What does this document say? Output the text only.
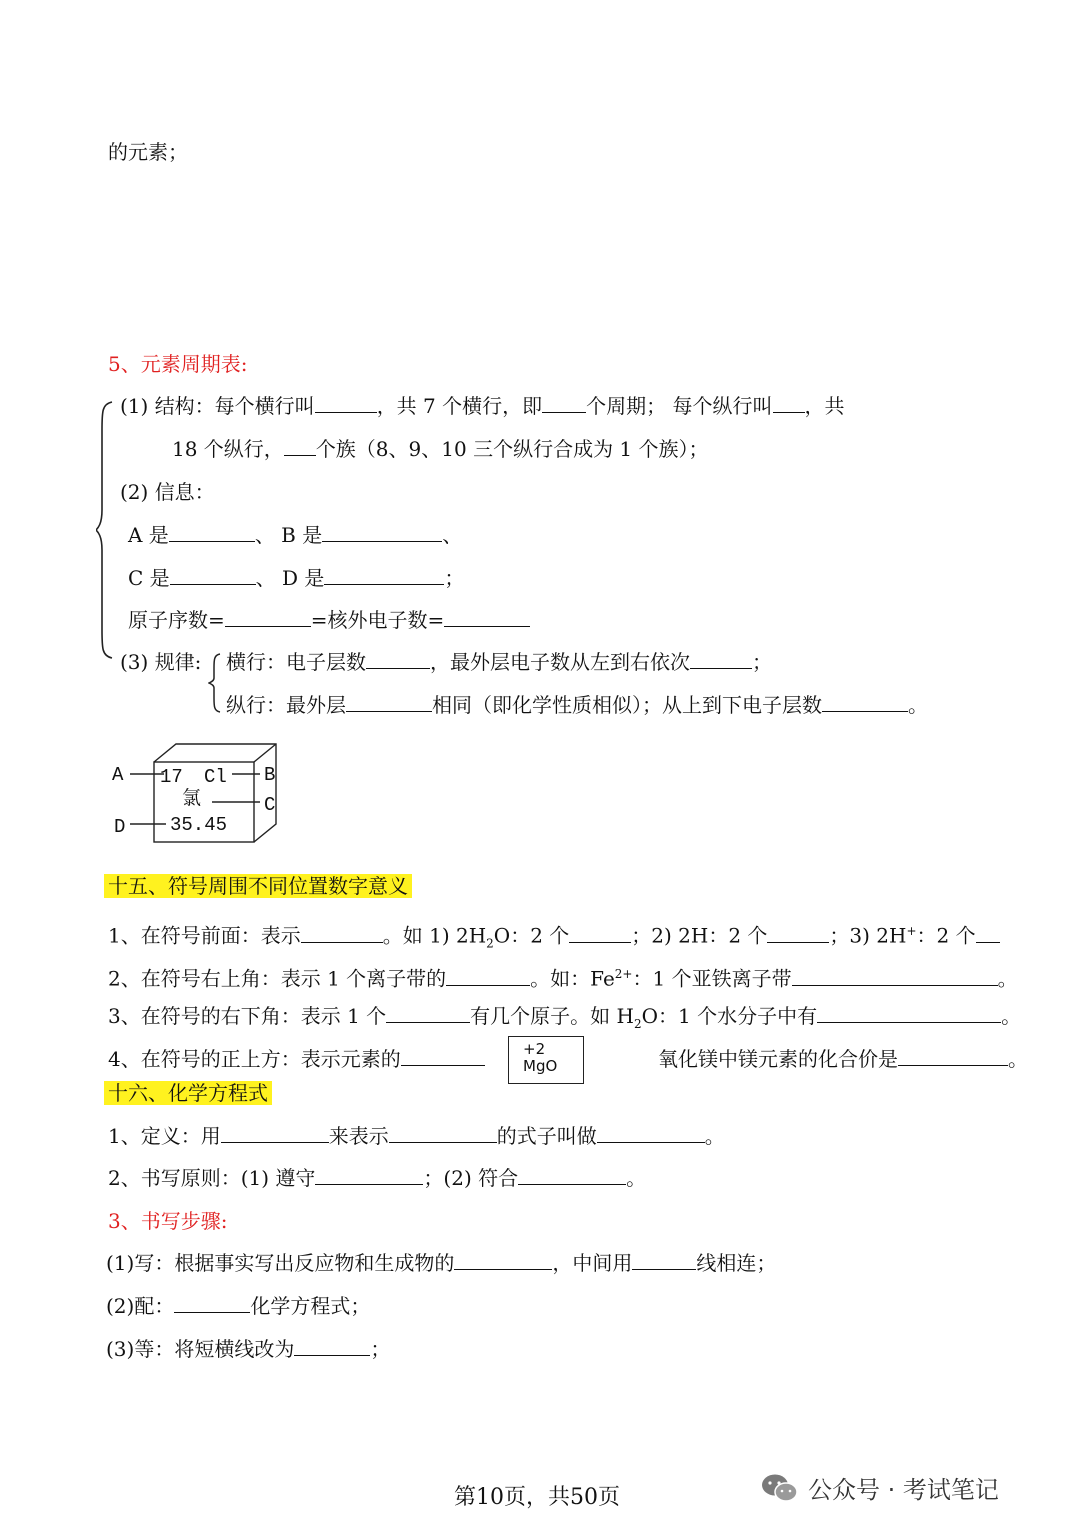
的元素；
5、元素周期表:
(1) 结构：每个横行叫	，共 7 个横行，即 个周期； 每个纵行叫 ，共
18 个纵行， 个族（8、9、10 三个纵行合成为 1 个族）；
(2) 信息：
A 是	、 B 是	、
C 是	、 D 是	；
原子序数=	=核外电子数=
(3) 规律: 横行：电子层数	，最外层电子数从左到右依次	；
纵行：最外层	相同（即化学性质相似）；从上到下电子层数	。
A	B
C
D
17 Cl
氯
35.45
十五、符号周围不同位置数字意义
1、在符号前面：表示	。如 1) $2H_2O$：2 个	；2) 2H：2 个	；3) 2H+：2 个
2、在符号右上角：表示 1 个离子带的	。如：$Fe^{2+}$：1 个亚铁离子带	。
3、在符号的右下角：表示 1 个	有几个原子。如 $H_2O$：1 个水分子中有	。
4、在符号的正上方：表示元素的	+2
MgO	氧化镁中镁元素的化合价是	。
十六、化学方程式
1、定义：用	来表示	的式子叫做	。
2、书写原则：(1) 遵守	；(2) 符合	。
3、书写步骤:
(1)写：根据事实写出反应物和生成物的	，中间用	线相连；
(2)配：	化学方程式；
(3)等：将短横线改为	；
第10页，共50页	公众号 · 考试笔记
